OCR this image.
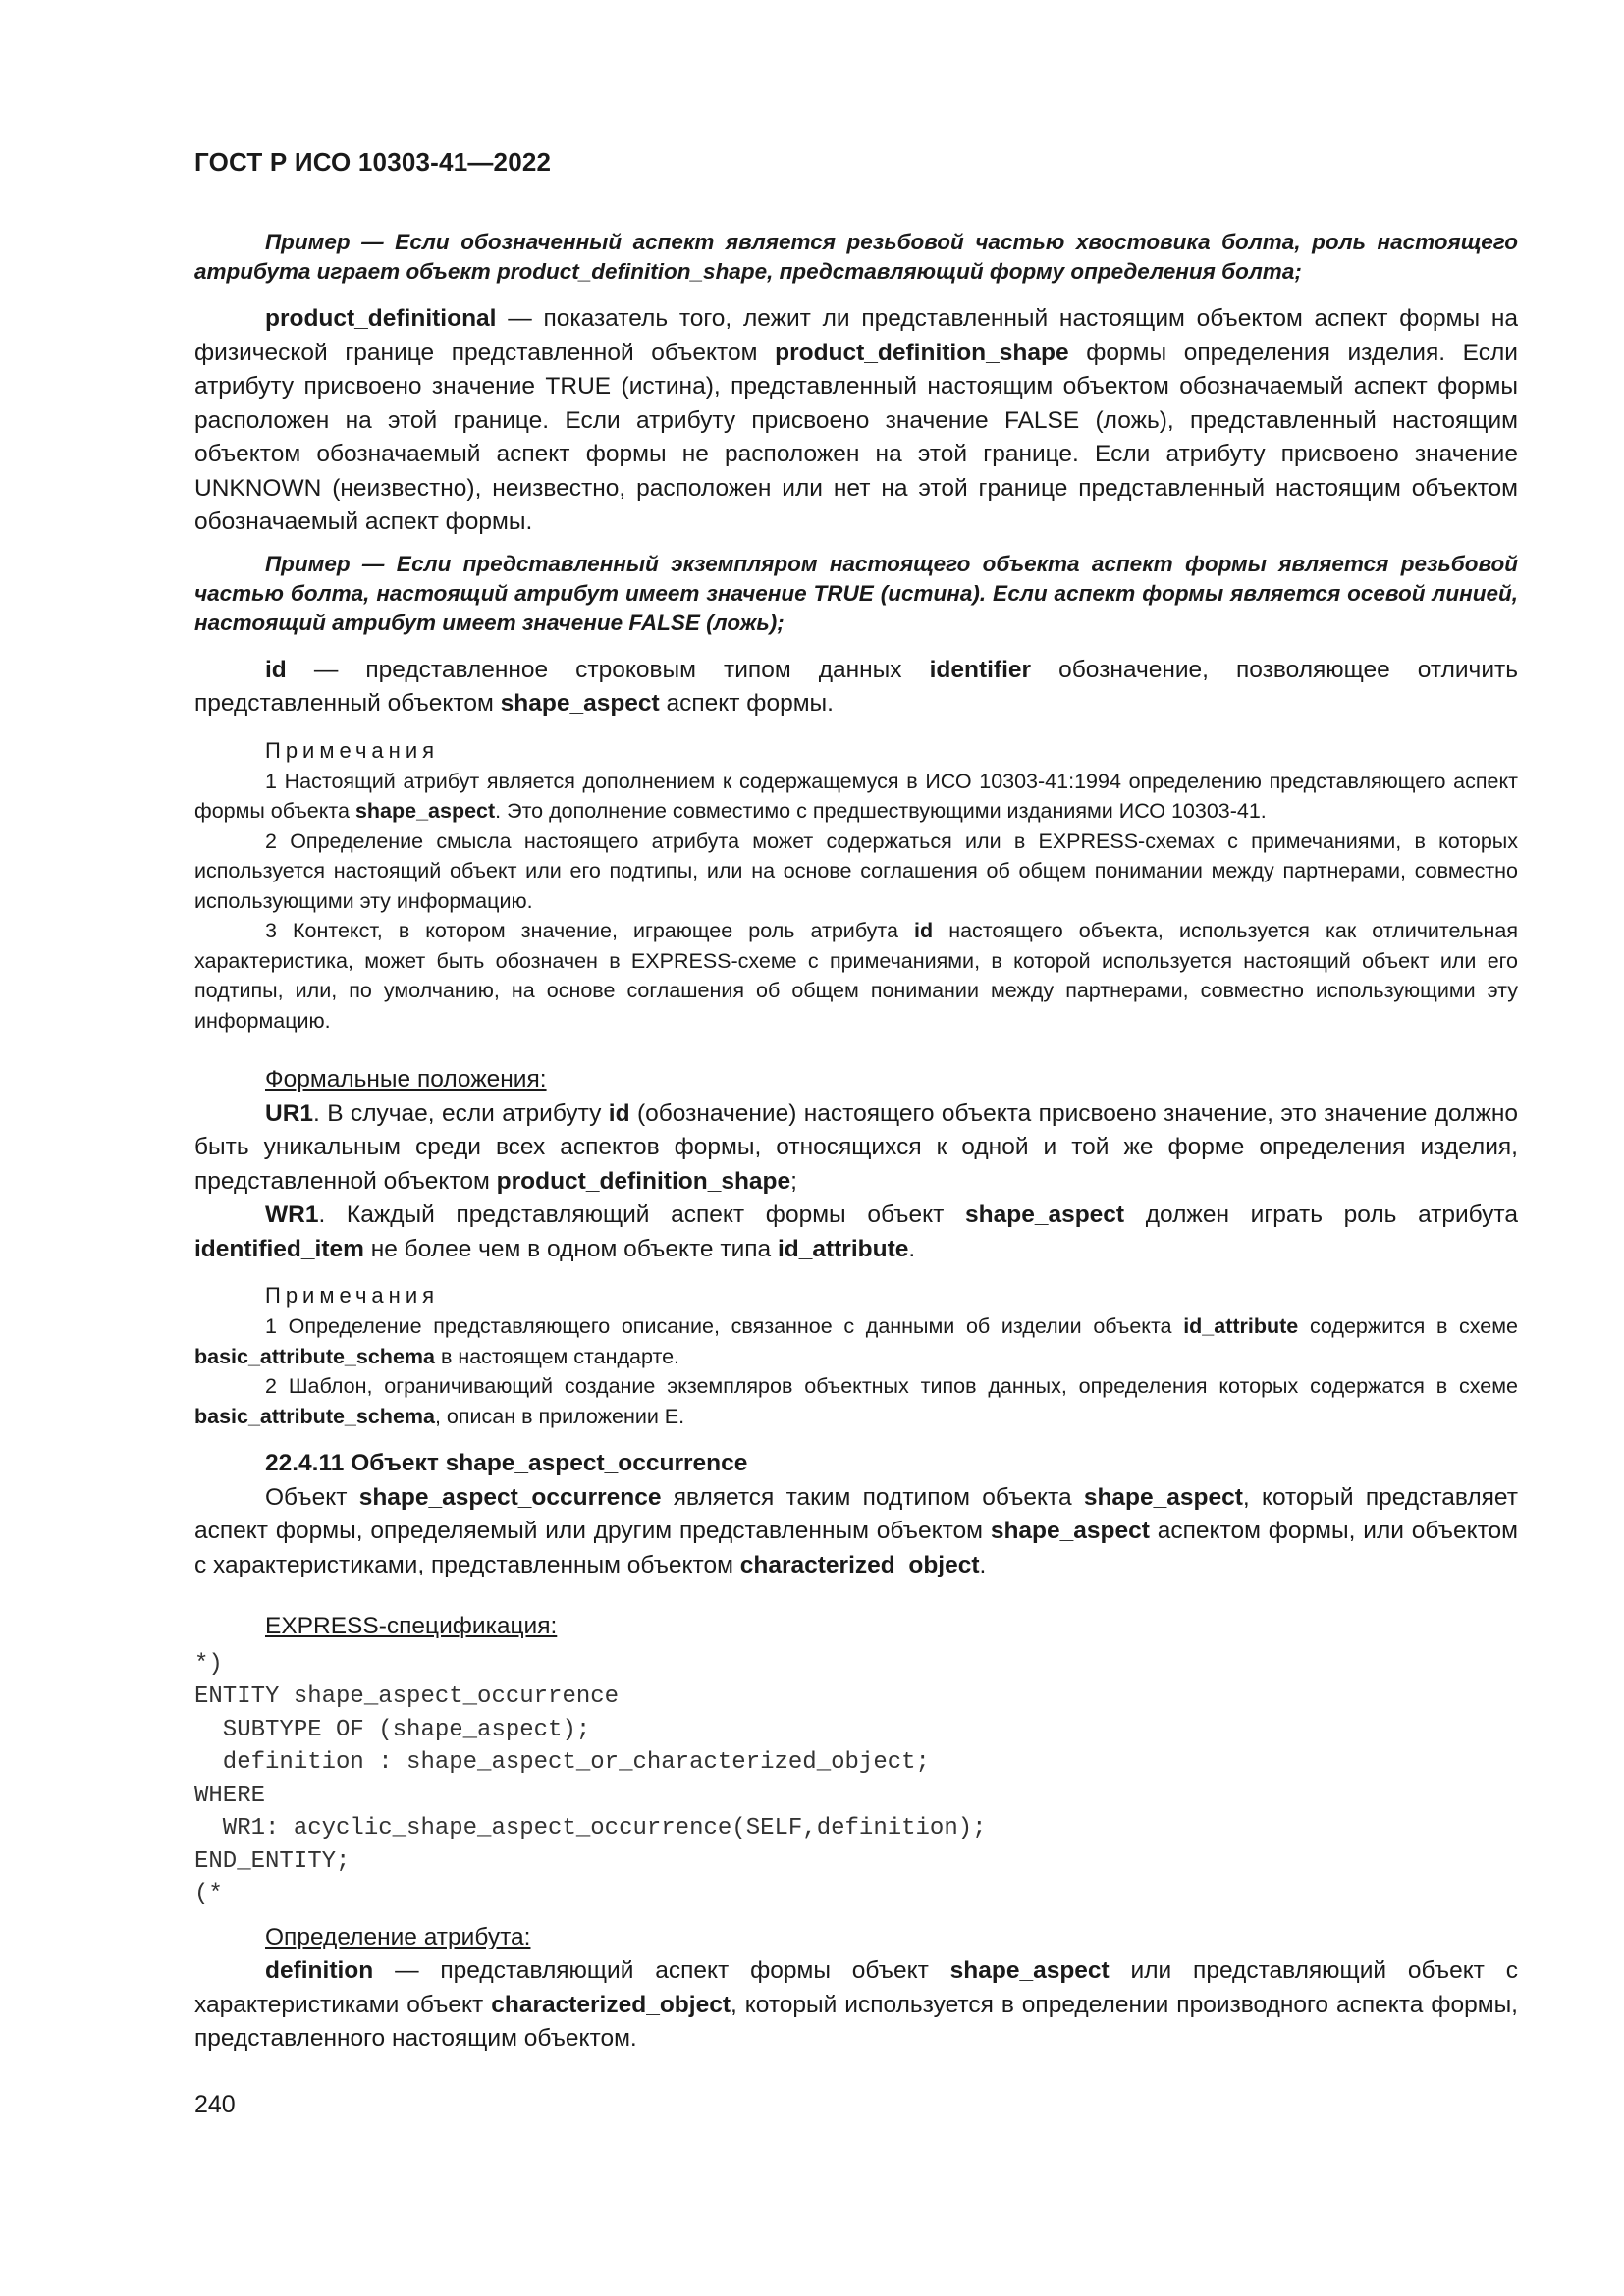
ГОСТ Р ИСО 10303-41—2022

Пример — Если обозначенный аспект является резьбовой частью хвостовика болта, роль настоящего атрибута играет объект product_definition_shape, представляющий форму определения болта;

product_definitional — показатель того, лежит ли представленный настоящим объектом аспект формы на физической границе представленной объектом product_definition_shape формы определения изделия. Если атрибуту присвоено значение TRUE (истина), представленный настоящим объектом обозначаемый аспект формы расположен на этой границе. Если атрибуту присвоено значение FALSE (ложь), представленный настоящим объектом обозначаемый аспект формы не расположен на этой границе. Если атрибуту присвоено значение UNKNOWN (неизвестно), неизвестно, расположен или нет на этой границе представленный настоящим объектом обозначаемый аспект формы.

Пример — Если представленный экземпляром настоящего объекта аспект формы является резьбовой частью болта, настоящий атрибут имеет значение TRUE (истина). Если аспект формы является осевой линией, настоящий атрибут имеет значение FALSE (ложь);

id — представленное строковым типом данных identifier обозначение, позволяющее отличить представленный объектом shape_aspect аспект формы.

Примечания

1 Настоящий атрибут является дополнением к содержащемуся в ИСО 10303-41:1994 определению представляющего аспект формы объекта shape_aspect. Это дополнение совместимо с предшествующими изданиями ИСО 10303-41.

2 Определение смысла настоящего атрибута может содержаться или в EXPRESS-схемах с примечаниями, в которых используется настоящий объект или его подтипы, или на основе соглашения об общем понимании между партнерами, совместно использующими эту информацию.

3 Контекст, в котором значение, играющее роль атрибута id настоящего объекта, используется как отличительная характеристика, может быть обозначен в EXPRESS-схеме с примечаниями, в которой используется настоящий объект или его подтипы, или, по умолчанию, на основе соглашения об общем понимании между партнерами, совместно использующими эту информацию.

Формальные положения:

UR1. В случае, если атрибуту id (обозначение) настоящего объекта присвоено значение, это значение должно быть уникальным среди всех аспектов формы, относящихся к одной и той же форме определения изделия, представленной объектом product_definition_shape;

WR1. Каждый представляющий аспект формы объект shape_aspect должен играть роль атрибута identified_item не более чем в одном объекте типа id_attribute.

Примечания

1 Определение представляющего описание, связанное с данными об изделии объекта id_attribute содержится в схеме basic_attribute_schema в настоящем стандарте.

2 Шаблон, ограничивающий создание экземпляров объектных типов данных, определения которых содержатся в схеме basic_attribute_schema, описан в приложении Е.

22.4.11 Объект shape_aspect_occurrence

Объект shape_aspect_occurrence является таким подтипом объекта shape_aspect, который представляет аспект формы, определяемый или другим представленным объектом shape_aspect аспектом формы, или объектом с характеристиками, представленным объектом characterized_object.

EXPRESS-спецификация:

*)
ENTITY shape_aspect_occurrence
SUBTYPE OF (shape_aspect);
definition : shape_aspect_or_characterized_object;
WHERE
WR1: acyclic_shape_aspect_occurrence(SELF,definition);
END_ENTITY;
(*

Определение атрибута:

definition — представляющий аспект формы объект shape_aspect или представляющий объект с характеристиками объект characterized_object, который используется в определении производного аспекта формы, представленного настоящим объектом.

240
